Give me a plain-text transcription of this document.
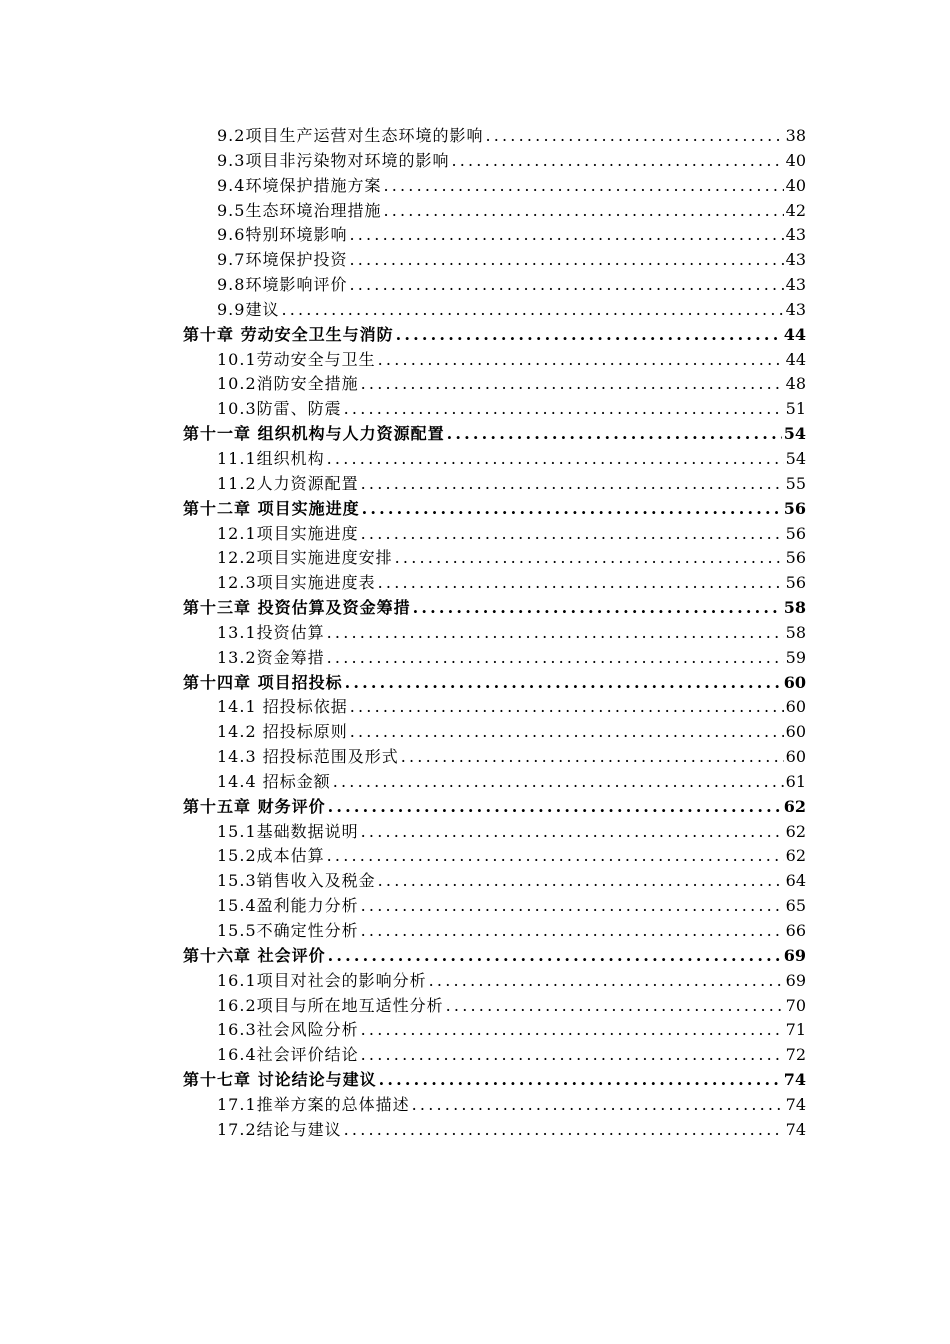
9.2项目生产运营对生态环境的影响 .....	38
9.3项目非污染物对环境的影响 .....	40
9.4环境保护措施方案 .....	40
9.5生态环境治理措施 .....	42
9.6特别环境影响 .....	43
9.7环境保护投资 .....	43
9.8环境影响评价 .....	43
9.9建议 .....	43
第十章 劳动安全卫生与消防 .....	44
10.1劳动安全与卫生 .....	44
10.2消防安全措施 .....	48
10.3防雷、防震 .....	51
第十一章 组织机构与人力资源配置 .....	54
11.1组织机构 .....	54
11.2人力资源配置 .....	55
第十二章 项目实施进度 .....	56
12.1项目实施进度 .....	56
12.2项目实施进度安排 .....	56
12.3项目实施进度表 .....	56
第十三章 投资估算及资金筹措 .....	58
13.1投资估算 .....	58
13.2资金筹措 .....	59
第十四章 项目招投标 .....	60
14.1 招投标依据 .....	60
14.2 招投标原则 .....	60
14.3 招投标范围及形式 .....	60
14.4 招标金额 .....	61
第十五章 财务评价 .....	62
15.1基础数据说明 .....	62
15.2成本估算 .....	62
15.3销售收入及税金 .....	64
15.4盈利能力分析 .....	65
15.5不确定性分析 .....	66
第十六章 社会评价 .....	69
16.1项目对社会的影响分析 .....	69
16.2项目与所在地互适性分析 .....	70
16.3社会风险分析 .....	71
16.4社会评价结论 .....	72
第十七章 讨论结论与建议 .....	74
17.1推举方案的总体描述 .....	74
17.2结论与建议 .....	74
